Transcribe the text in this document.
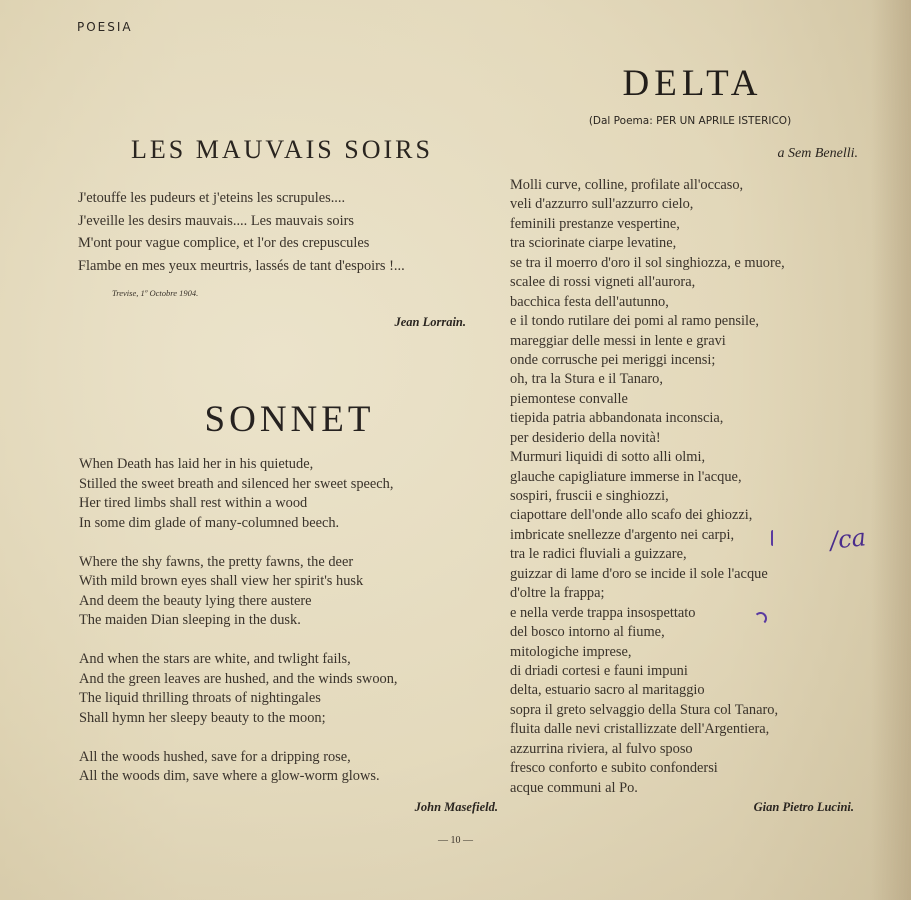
POESIA
LES MAUVAIS SOIRS
J'etouffe les pudeurs et j'eteins les scrupules....
J'eveille les desirs mauvais.... Les mauvais soirs
M'ont pour vague complice, et l'or des crepuscules
Flambe en mes yeux meurtris, lassés de tant d'espoirs !...
Trevise, 1º Octobre 1904.
Jean Lorrain.
SONNET
When Death has laid her in his quietude,
Stilled the sweet breath and silenced her sweet speech,
Her tired limbs shall rest within a wood
In some dim glade of many-columned beech.
Where the shy fawns, the pretty fawns, the deer
With mild brown eyes shall view her spirit's husk
And deem the beauty lying there austere
The maiden Dian sleeping in the dusk.
And when the stars are white, and twlight fails,
And the green leaves are hushed, and the winds swoon,
The liquid thrilling throats of nightingales
Shall hymn her sleepy beauty to the moon;
All the woods hushed, save for a dripping rose,
All the woods dim, save where a glow-worm glows.
John Masefield.
DELTA
(Dal Poema: PER UN APRILE ISTERICO)
a Sem Benelli.
Molli curve, colline, profilate all'occaso,
veli d'azzurro sull'azzurro cielo,
feminili prestanze vespertine,
tra sciorinate ciarpe levatine,
se tra il moerro d'oro il sol singhiozza, e muore,
scalee di rossi vigneti all'aurora,
bacchica festa dell'autunno,
e il tondo rutilare dei pomi al ramo pensile,
mareggiar delle messi in lente e gravi
onde corrusche pei meriggi incensi;
oh, tra la Stura e il Tanaro,
piemontese convalle
tiepida patria abbandonata inconscia,
per desiderio della novità!
Murmuri liquidi di sotto alli olmi,
glauche capigliature immerse in l'acque,
sospiri, fruscii e singhiozzi,
ciapottare dell'onde allo scafo dei ghiozzi,
imbricate snellezze d'argento nei carpi,
tra le radici fluviali a guizzare,
guizzar di lame d'oro se incide il sole l'acque
d'oltre la frappa;
e nella verde trappa insospettato
del bosco intorno al fiume,
mitologiche imprese,
di driadi cortesi e fauni impuni
delta, estuario sacro al maritaggio
sopra il greto selvaggio della Stura col Tanaro,
fluita dalle nevi cristallizzate dell'Argentiera,
azzurrina riviera, al fulvo sposo
fresco conforto e subito confondersi
acque communi al Po.
Gian Pietro Lucini.
/ca
— 10 —
